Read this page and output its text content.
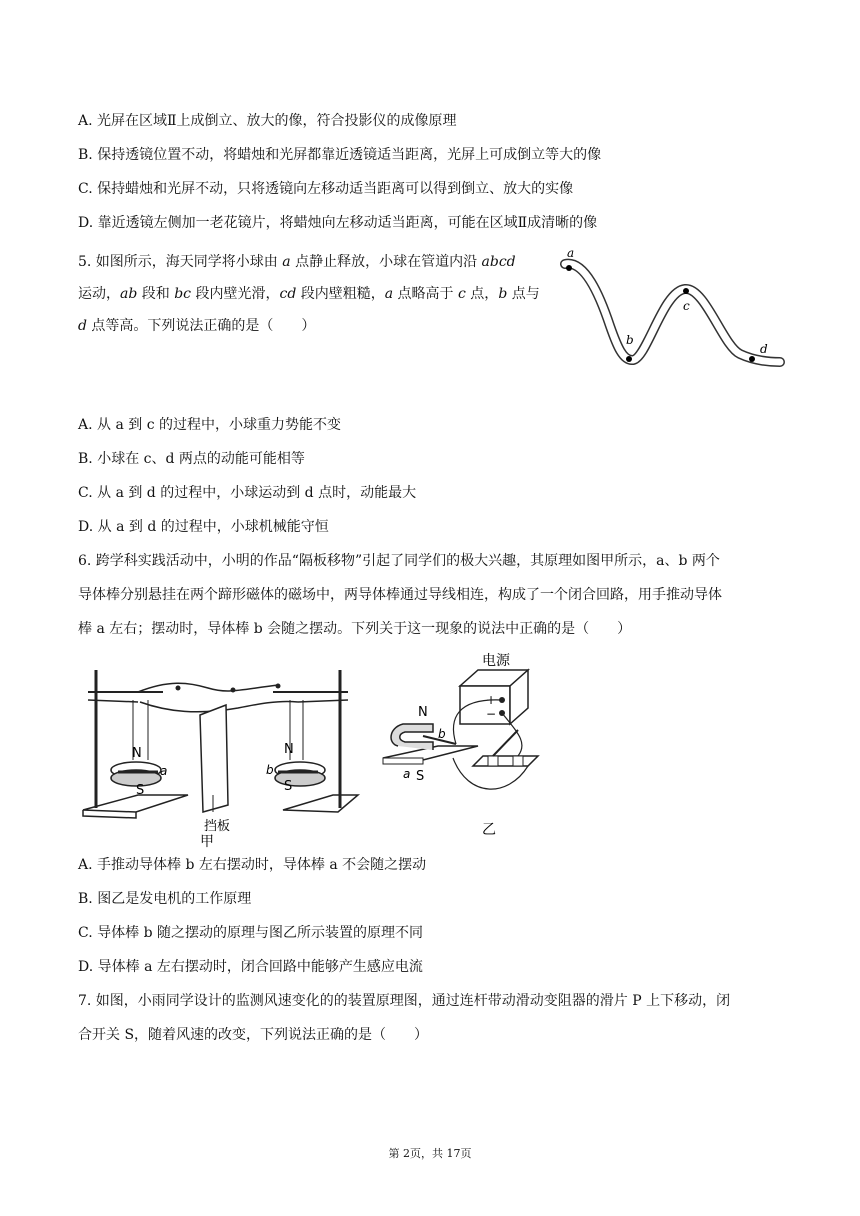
A. 光屏在区域Ⅱ上成倒立、放大的像，符合投影仪的成像原理
B. 保持透镜位置不动，将蜡烛和光屏都靠近透镜适当距离，光屏上可成倒立等大的像
C. 保持蜡烛和光屏不动，只将透镜向左移动适当距离可以得到倒立、放大的实像
D. 靠近透镜左侧加一老花镜片，将蜡烛向左移动适当距离，可能在区域Ⅱ成清晰的像
5. 如图所示，海天同学将小球由 a 点静止释放，小球在管道内沿 abcd
运动，ab 段和 bc 段内壁光滑，cd 段内壁粗糙，a 点略高于 c 点，b 点与
d 点等高。下列说法正确的是（　　）
a
b
c
d
A. 从 a 到 c 的过程中，小球重力势能不变
B. 小球在 c、d 两点的动能可能相等
C. 从 a 到 d 的过程中，小球运动到 d 点时，动能最大
D. 从 a 到 d 的过程中，小球机械能守恒
6. 跨学科实践活动中，小明的作品“隔板移物”引起了同学们的极大兴趣，其原理如图甲所示，a、b 两个
导体棒分别悬挂在两个蹄形磁体的磁场中，两导体棒通过导线相连，构成了一个闭合回路，用手推动导体
棒 a 左右；摆动时，导体棒 b 会随之摆动。下列关于这一现象的说法中正确的是（　　）
N
S
a
N
S
b
挡板
甲
电源
+
−
N
b
a S
乙
A. 手推动导体棒 b 左右摆动时，导体棒 a 不会随之摆动
B. 图乙是发电机的工作原理
C. 导体棒 b 随之摆动的原理与图乙所示装置的原理不同
D. 导体棒 a 左右摆动时，闭合回路中能够产生感应电流
7. 如图，小雨同学设计的监测风速变化的的装置原理图，通过连杆带动滑动变阻器的滑片 P 上下移动，闭
合开关 S，随着风速的改变，下列说法正确的是（　　）
第 2页，共 17页
